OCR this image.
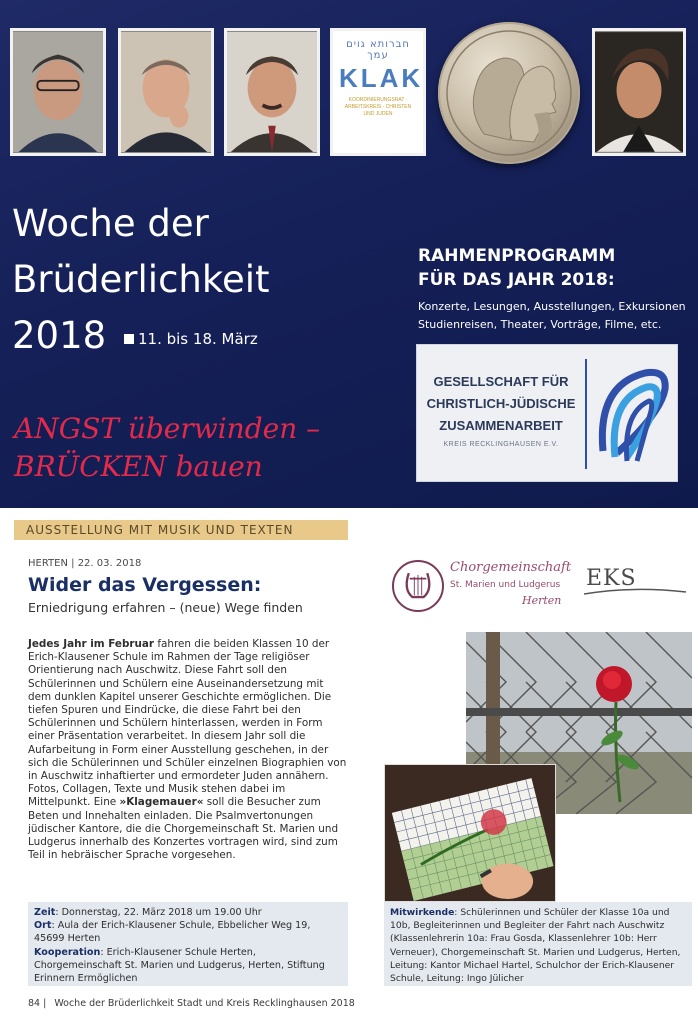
חברותא גוים עמך
KLAK
KOORDINIERUNGSRAT · ARBEITSKREIS · CHRISTEN UND JUDEN
Woche der
Brüderlichkeit
2018	11. bis 18. März
ANGST überwinden –
BRÜCKEN bauen
RAHMENPROGRAMM
FÜR DAS JAHR 2018:
Konzerte, Lesungen, Ausstellungen, Exkursionen
Studienreisen, Theater, Vorträge, Filme, etc.
GESELLSCHAFT FÜR
CHRISTLICH-JÜDISCHE
ZUSAMMENARBEIT
KREIS RECKLINGHAUSEN E.V.
AUSSTELLUNG MIT MUSIK UND TEXTEN
HERTEN | 22. 03. 2018
Wider das Vergessen:
Erniedrigung erfahren – (neue) Wege finden

Jedes Jahr im Februar fahren die beiden Klassen 10 der Erich-Klausener Schule im Rahmen der Tage religiöser Orientierung nach Auschwitz. Diese Fahrt soll den Schülerinnen und Schülern eine Auseinandersetzung mit dem dunklen Kapitel unserer Geschichte ermöglichen. Die tiefen Spuren und Eindrücke, die diese Fahrt bei den Schülerinnen und Schülern hinterlassen, werden in Form einer Präsentation verarbeitet. In diesem Jahr soll die Aufarbeitung in Form einer Ausstellung geschehen, in der sich die Schülerinnen und Schüler einzelnen Biographien von in Auschwitz inhaftierter und ermordeter Juden annähern.

Fotos, Collagen, Texte und Musik stehen dabei im Mittelpunkt. Eine »Klagemauer« soll die Besucher zum Beten und Innehalten einladen. Die Psalmvertonungen jüdischer Kantore, die die Chorgemeinschaft St. Marien und Ludgerus innerhalb des Konzertes vortragen wird, sind zum Teil in hebräischer Sprache vorgesehen.

Zeit: Donnerstag, 22. März 2018 um 19.00 Uhr
Ort: Aula der Erich-Klausener Schule, Ebbelicher Weg 19,
45699 Herten
Kooperation: Erich-Klausener Schule Herten, Chorgemeinschaft St. Marien und Ludgerus, Herten, Stiftung Erinnern Ermöglichen
Chorgemeinschaft
St. Marien und Ludgerus
Herten
EKS
Mitwirkende: Schülerinnen und Schüler der Klasse 10a und 10b, Begleiterinnen und Begleiter der Fahrt nach Auschwitz (Klassenlehrerin 10a: Frau Gosda, Klassenlehrer 10b: Herr Verneuer), Chorgemeinschaft St. Marien und Ludgerus, Herten, Leitung: Kantor Michael Hartel, Schulchor der Erich-Klausener Schule, Leitung: Ingo Jülicher
84 | Woche der Brüderlichkeit Stadt und Kreis Recklinghausen 2018
